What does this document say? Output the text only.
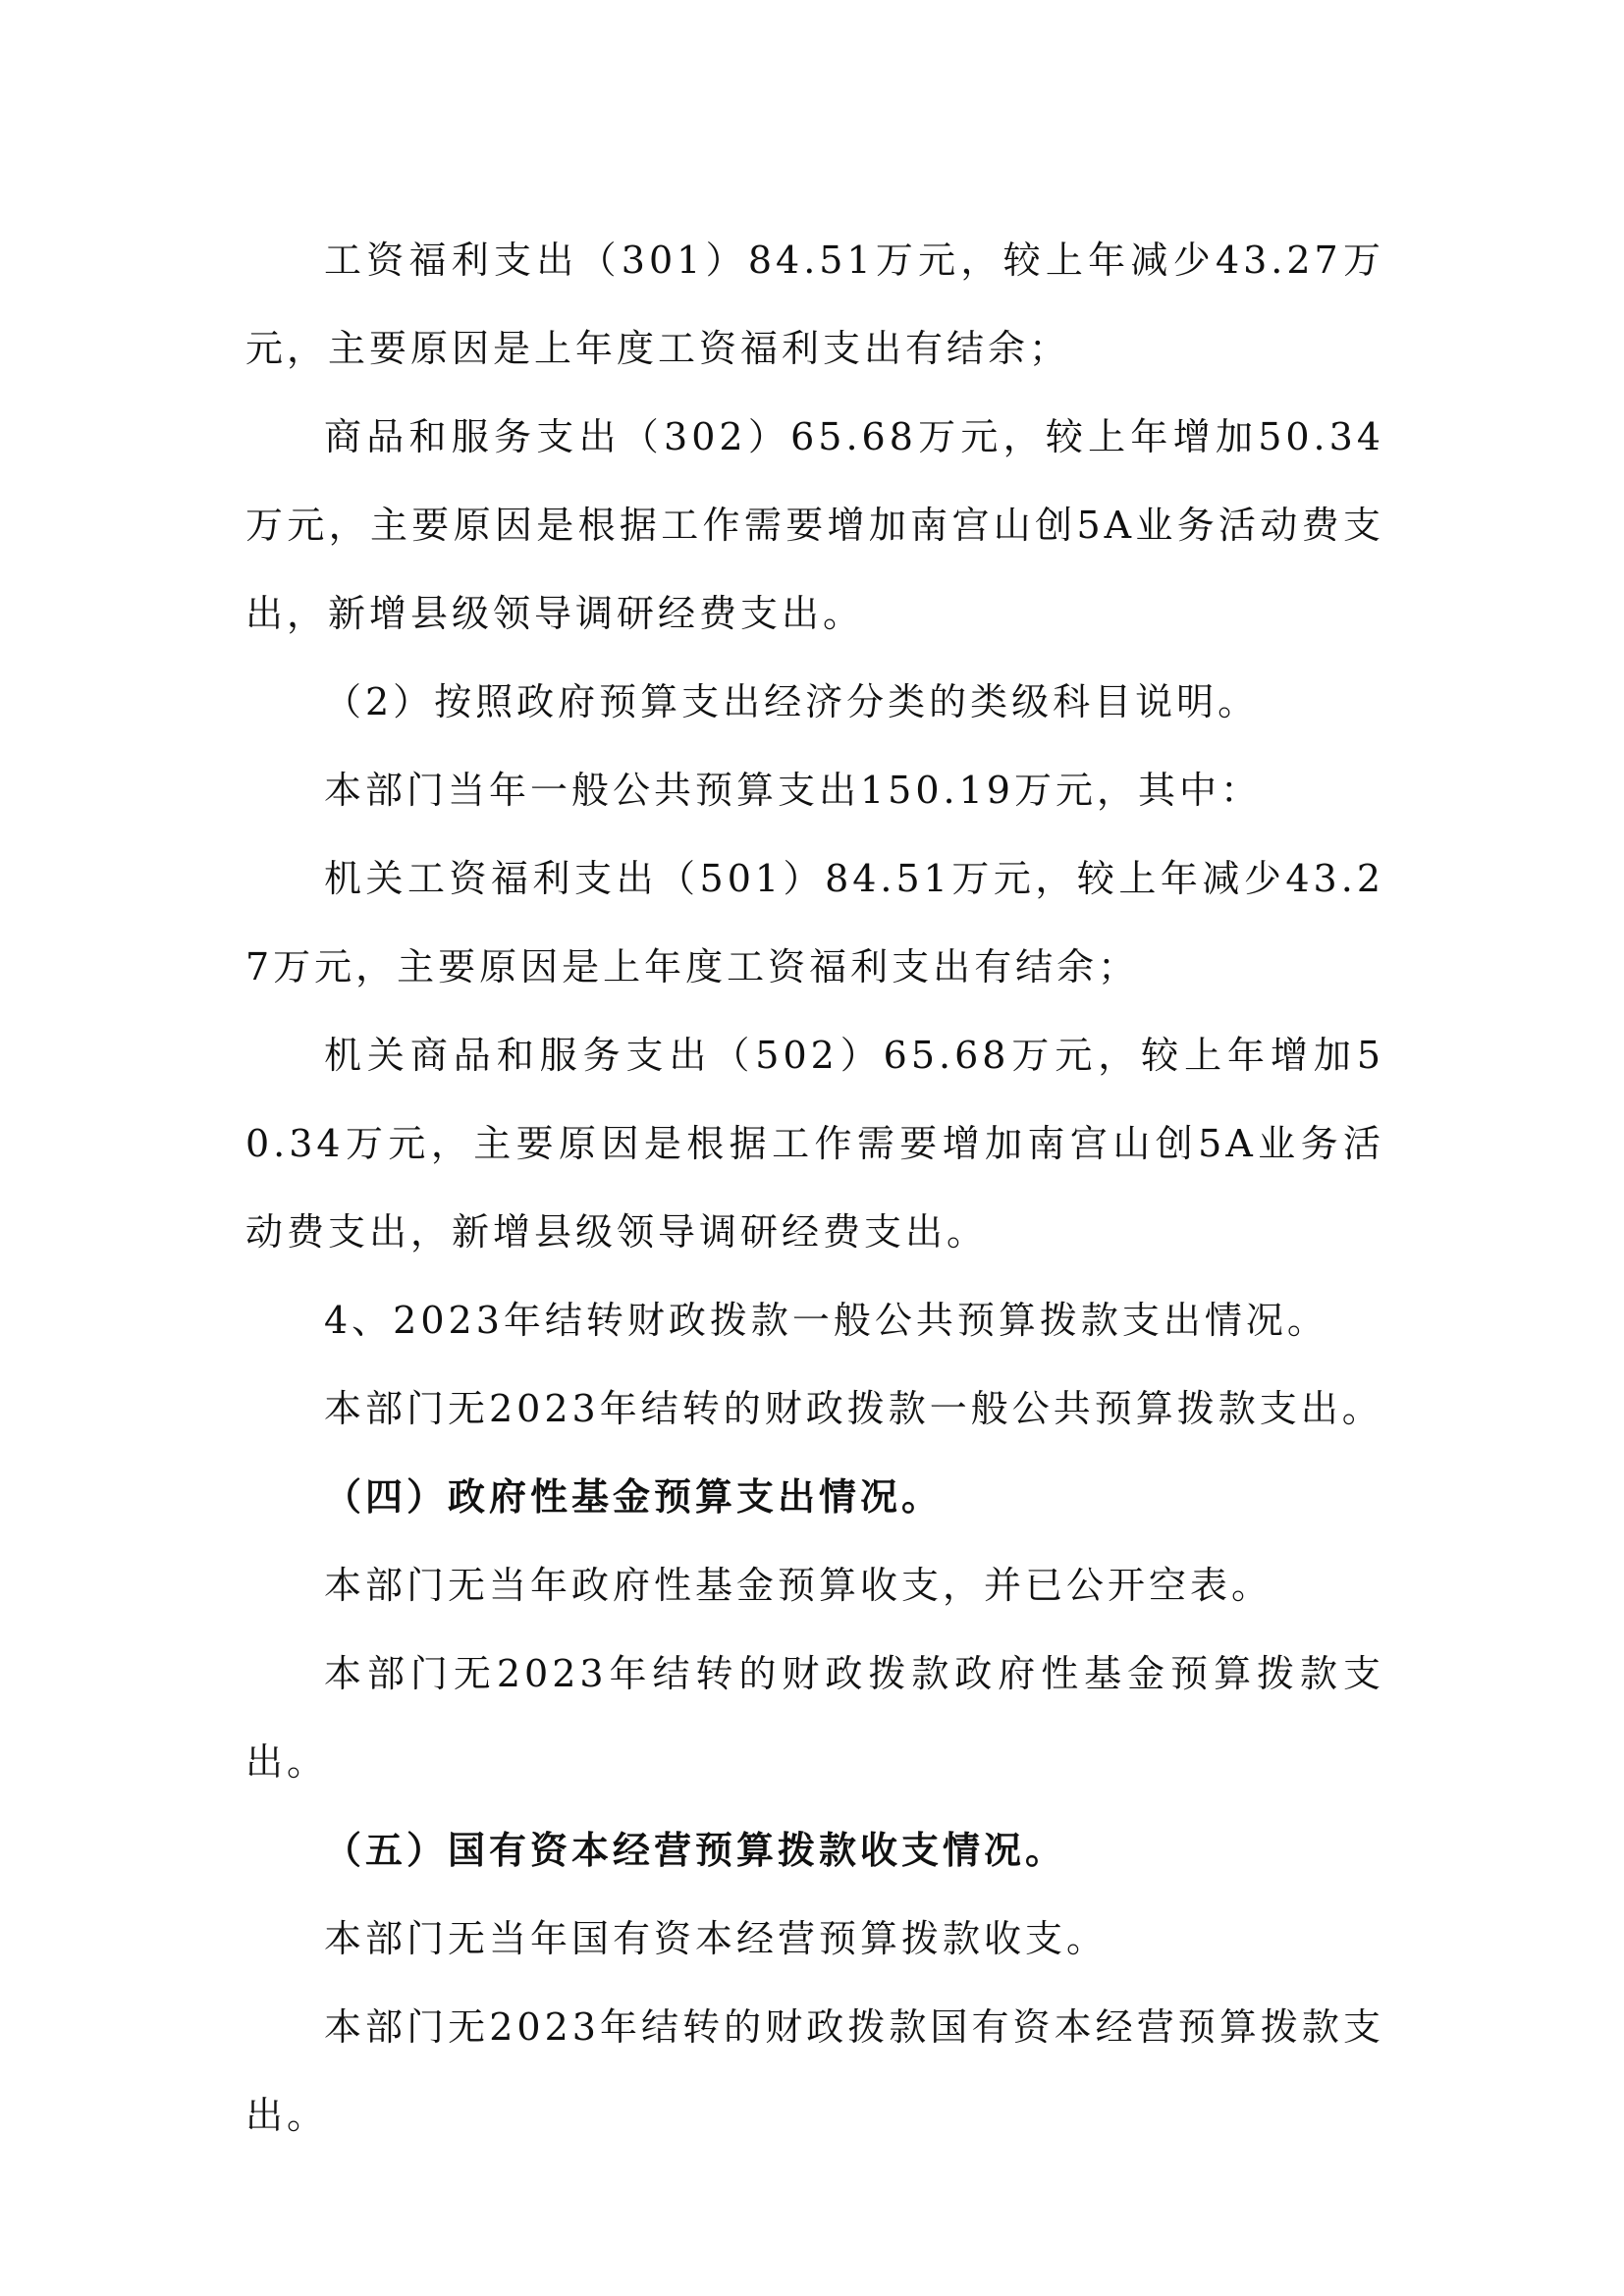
工资福利支出（301）84.51万元，较上年减少43.27万元，主要原因是上年度工资福利支出有结余；

商品和服务支出（302）65.68万元，较上年增加50.34万元，主要原因是根据工作需要增加南宫山创5A业务活动费支出，新增县级领导调研经费支出。

（2）按照政府预算支出经济分类的类级科目说明。

本部门当年一般公共预算支出150.19万元，其中：

机关工资福利支出（501）84.51万元，较上年减少43.27万元，主要原因是上年度工资福利支出有结余；

机关商品和服务支出（502）65.68万元，较上年增加50.34万元，主要原因是根据工作需要增加南宫山创5A业务活动费支出，新增县级领导调研经费支出。

4、2023年结转财政拨款一般公共预算拨款支出情况。

本部门无2023年结转的财政拨款一般公共预算拨款支出。

（四）政府性基金预算支出情况。

本部门无当年政府性基金预算收支，并已公开空表。

本部门无2023年结转的财政拨款政府性基金预算拨款支出。

（五）国有资本经营预算拨款收支情况。

本部门无当年国有资本经营预算拨款收支。

本部门无2023年结转的财政拨款国有资本经营预算拨款支出。
